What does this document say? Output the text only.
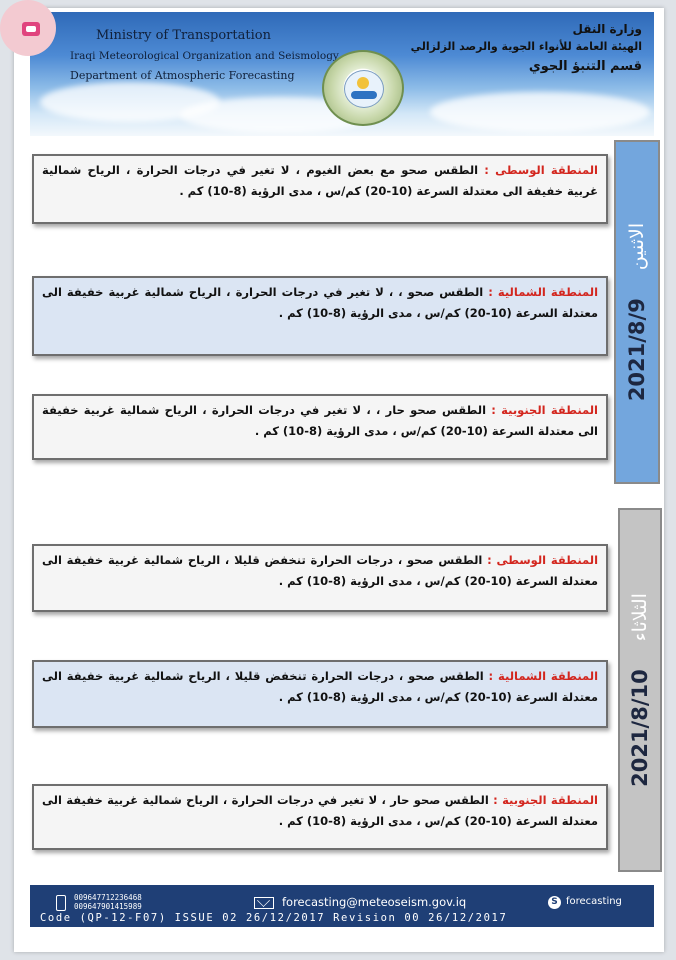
Ministry of Transportation
Iraqi Meteorological Organization and Seismology
Department of Atmospheric Forecasting
وزارة النقل
الهيئة العامة للأنواء الجوية والرصد الزلزالي
قسم التنبؤ الجوي
2021/8/9
الاثنين
المنطقة الوسطى : الطقس صحو مع بعض الغيوم ، لا تغير في درجات الحرارة ، الرياح شمالية غربية خفيفة الى معتدلة السرعة (10-20) كم/س ، مدى الرؤية (8-10) كم .
المنطقة الشمالية : الطقس صحو ، ، لا تغير في درجات الحرارة ، الرياح شمالية غربية خفيفة الى معتدلة السرعة (10-20) كم/س ، مدى الرؤية (8-10) كم .
المنطقة الجنوبية : الطقس صحو حار ، ، لا تغير في درجات الحرارة ، الرياح شمالية غربية خفيفة الى معتدلة السرعة (10-20) كم/س ، مدى الرؤية (8-10) كم .
2021/8/10
الثلاثاء
المنطقة الوسطى : الطقس صحو ، درجات الحرارة تنخفض قليلا ، الرياح شمالية غربية خفيفة الى معتدلة السرعة (10-20) كم/س ، مدى الرؤية (8-10) كم .
المنطقة الشمالية : الطقس صحو ، درجات الحرارة تنخفض قليلا ، الرياح شمالية غربية خفيفة الى معتدلة السرعة (10-20) كم/س ، مدى الرؤية (8-10) كم .
المنطقة الجنوبية : الطقس صحو حار ، لا تغير في درجات الحرارة ، الرياح شمالية غربية خفيفة الى معتدلة السرعة (10-20) كم/س ، مدى الرؤية (8-10) كم .
009647712236468
009647901415989	forecasting@meteoseism.gov.iq	S forecasting
Code (QP-12-F07) ISSUE 02 26/12/2017 Revision 00 26/12/2017
